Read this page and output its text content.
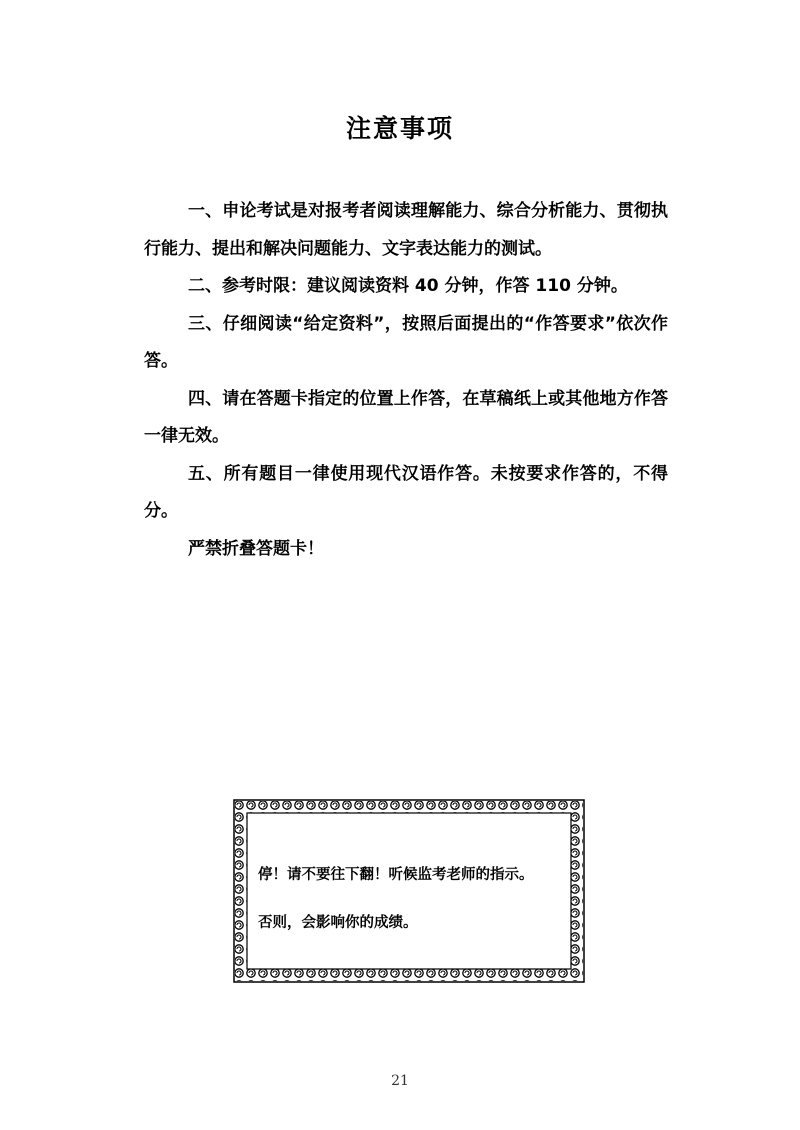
注意事项

一、申论考试是对报考者阅读理解能力、综合分析能力、贯彻执行能力、提出和解决问题能力、文字表达能力的测试。

二、参考时限：建议阅读资料 40 分钟，作答 110 分钟。

三、仔细阅读“给定资料”，按照后面提出的“作答要求”依次作答。

四、请在答题卡指定的位置上作答，在草稿纸上或其他地方作答一律无效。

五、所有题目一律使用现代汉语作答。未按要求作答的，不得分。

严禁折叠答题卡！

停！请不要往下翻！听候监考老师的指示。
否则，会影响你的成绩。
21
